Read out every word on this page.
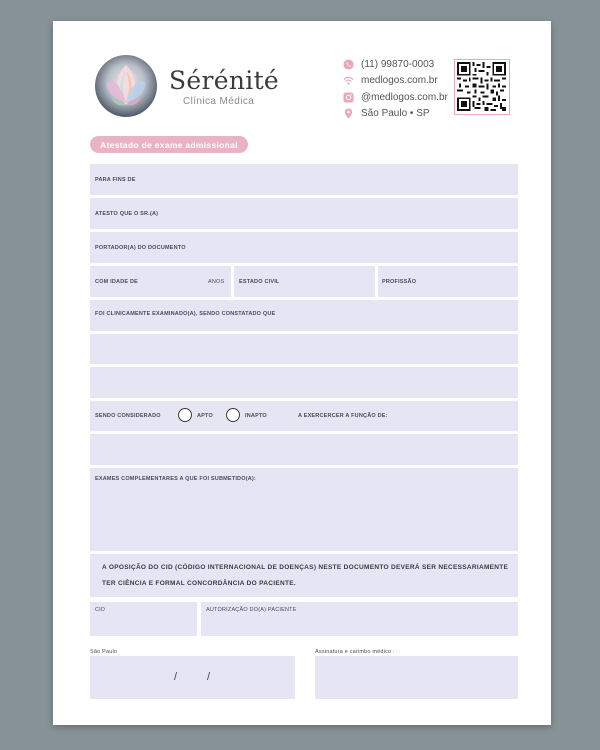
Sérénité
Clínica Médica
(11) 99870-0003
medlogos.com.br
@medlogos.com.br
São Paulo • SP
Atestado de exame admissional
PARA FINS DE
ATESTO QUE O SR.(A)
PORTADOR(A) DO DOCUMENTO
COM IDADE DE	ANOS	ESTADO CIVIL	PROFISSÃO
FOI CLINICAMENTE EXAMINADO(A), SENDO CONSTATADO QUE
SENDO CONSIDERADO	APTO	INAPTO	A EXERCERCER A FUNÇÃO DE:
EXAMES COMPLEMENTARES A QUE FOI SUBMETIDO(A):
A OPOSIÇÃO DO CID (CÓDIGO INTERNACIONAL DE DOENÇAS) NESTE DOCUMENTO DEVERÁ SER NECESSARIAMENTE
TER CIÊNCIA E FORMAL CONCORDÂNCIA DO PACIENTE.
CID	AUTORIZAÇÃO DO(A) PACIENTE
São Paulo
/	/
Assinatura e carimbo médico :
